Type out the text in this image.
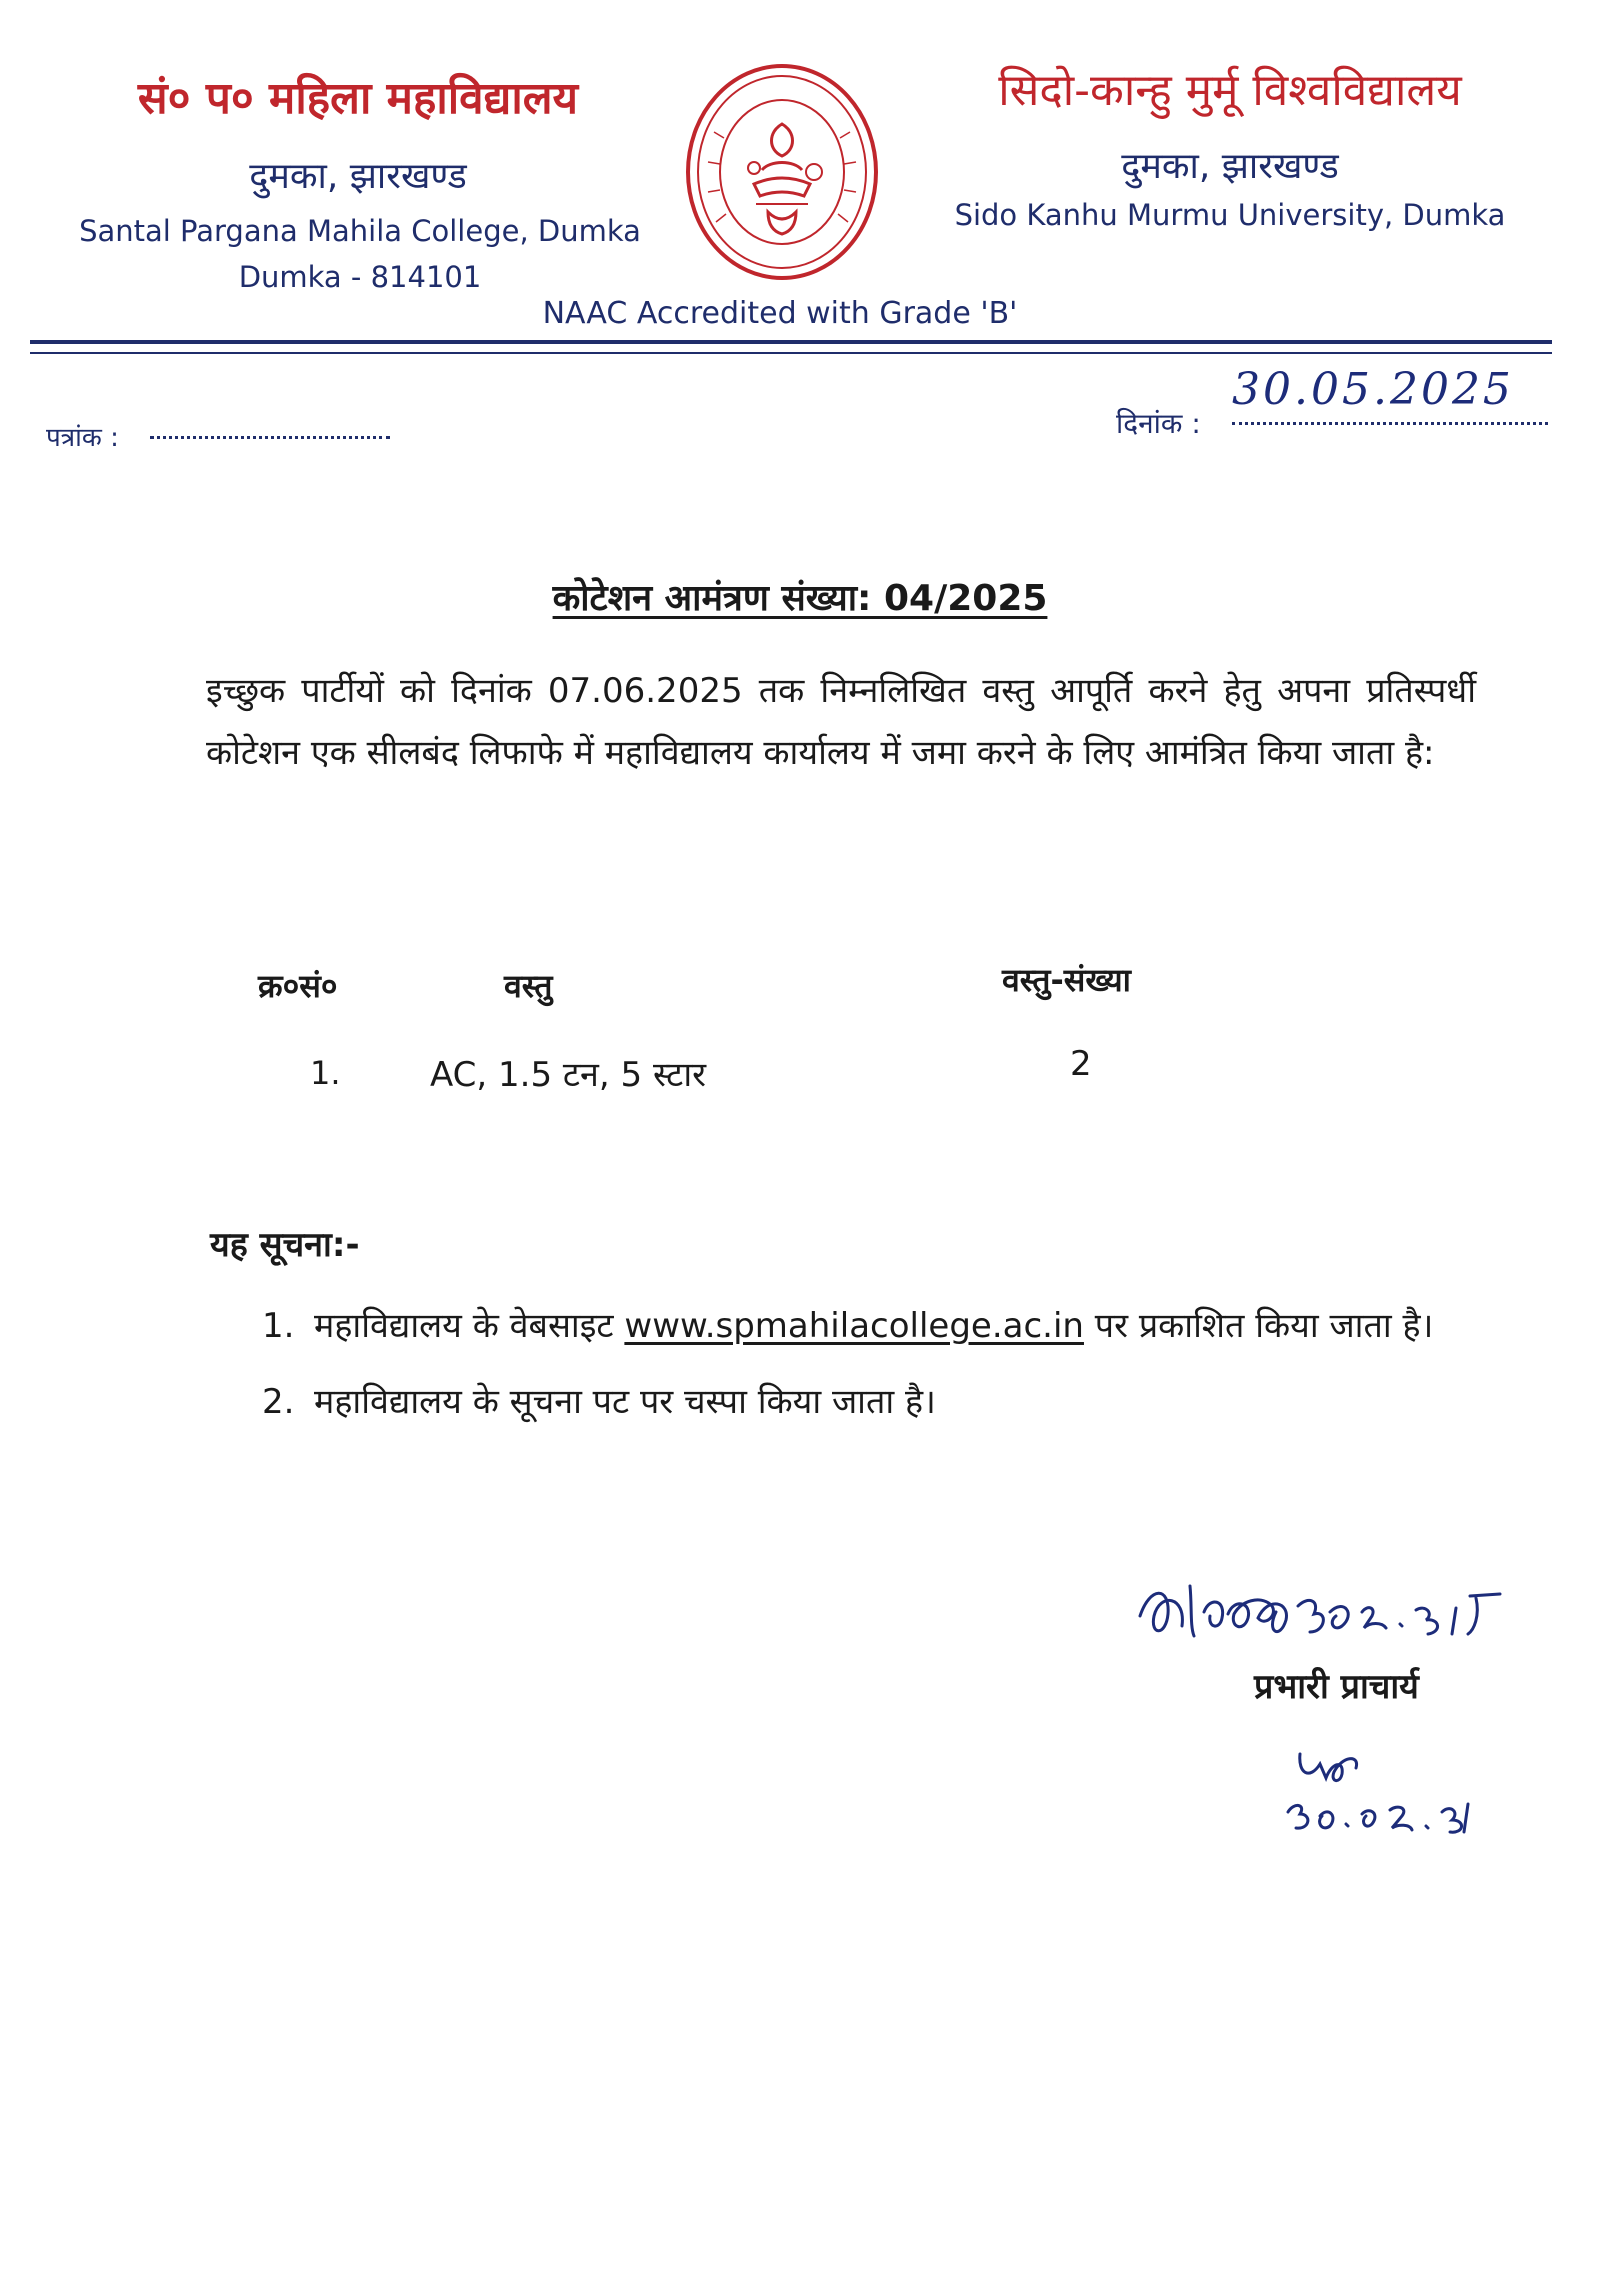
सं० प० महिला महाविद्यालय
दुमका, झारखण्ड
Santal Pargana Mahila College, Dumka
Dumka - 814101
सिदो-कान्हु मुर्मू विश्वविद्यालय
दुमका, झारखण्ड
Sido Kanhu Murmu University, Dumka
NAAC Accredited with Grade 'B'
पत्रांक :	दिनांक :
30.05.2025
कोटेशन आमंत्रण संख्या: 04/2025
इच्छुक पार्टीयों को दिनांक 07.06.2025 तक निम्नलिखित वस्तु आपूर्ति करने हेतु अपना प्रतिस्पर्धी कोटेशन एक सीलबंद लिफाफे में महाविद्यालय कार्यालय में जमा करने के लिए आमंत्रित किया जाता है:
क्र०सं०	वस्तु	वस्तु-संख्या
1.	AC, 1.5 टन, 5 स्टार	2
यह सूचना:-
1. महाविद्यालय के वेबसाइट www.spmahilacollege.ac.in पर प्रकाशित किया जाता है।
2. महाविद्यालय के सूचना पट पर चस्पा किया जाता है।
प्रभारी प्राचार्य
